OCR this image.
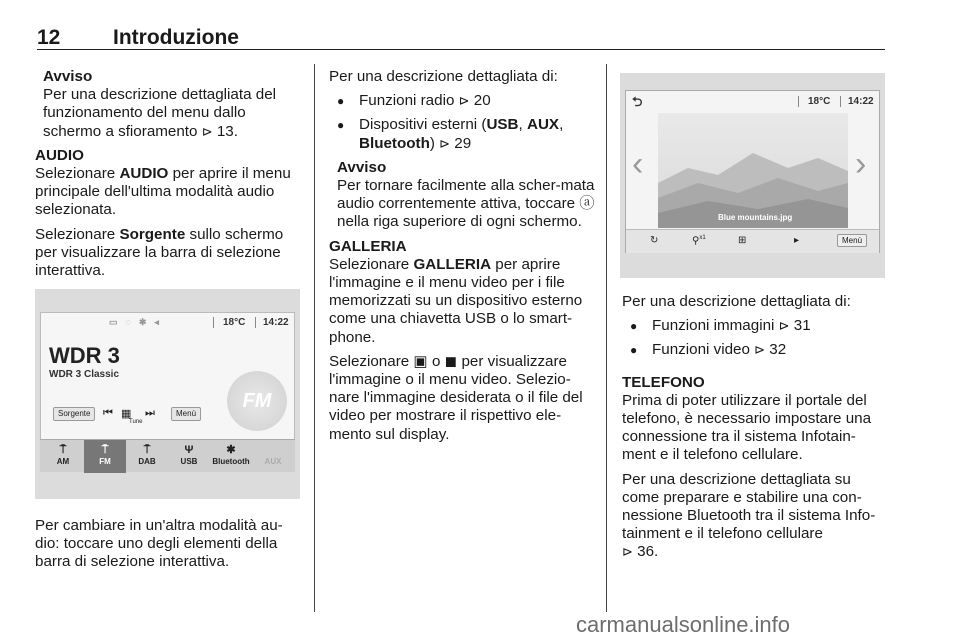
12	Introduzione
Avviso
Per una descrizione dettagliata del funzionamento del menu dallo schermo a sfioramento ⊳ 13.
AUDIO

Selezionare AUDIO per aprire il menu principale dell'ultima modalità audio selezionata.

Selezionare Sorgente sullo schermo per visualizzare la barra di selezione interattiva.

▭◌✱◂	18°C 14:22
WDR 3
WDR 3 Classic
FM
Sorgente	⏮ ▦
Tune
⏭	Menù
⍑
AM
⍑
FM
⍑
DAB
Ψ
USB
✱
Bluetooth
	AUX

Per cambiare in un'altra modalità au-dio: toccare uno degli elementi della barra di selezione interattiva.

Per una descrizione dettagliata di:

● Funzioni radio ⊳ 20
● Dispositivi esterni (USB, AUX, Bluetooth) ⊳ 29
Avviso
Per tornare facilmente alla scher-mata audio correntemente attiva, toccare ⓐ nella riga superiore di ogni schermo.
GALLERIA

Selezionare GALLERIA per aprire l'immagine e il menu video per i file memorizzati su un dispositivo esterno come una chiavetta USB o lo smart-phone.

Selezionare ▣ o ◼ per visualizzare l'immagine o il menu video. Selezio-nare l'immagine desiderata o il file del video per mostrare il rispettivo ele-mento sul display.

⮌	18°C 14:22
Blue mountains.jpg
‹	›
↻	⚲$^{x1}$	⊞	▸	Menù

Per una descrizione dettagliata di:

● Funzioni immagini ⊳ 31
● Funzioni video ⊳ 32
TELEFONO

Prima di poter utilizzare il portale del telefono, è necessario impostare una connessione tra il sistema Infotain-ment e il telefono cellulare.

Per una descrizione dettagliata su come preparare e stabilire una con-nessione Bluetooth tra il sistema Info-tainment e il telefono cellulare
⊳ 36.

carmanualsonline.info
